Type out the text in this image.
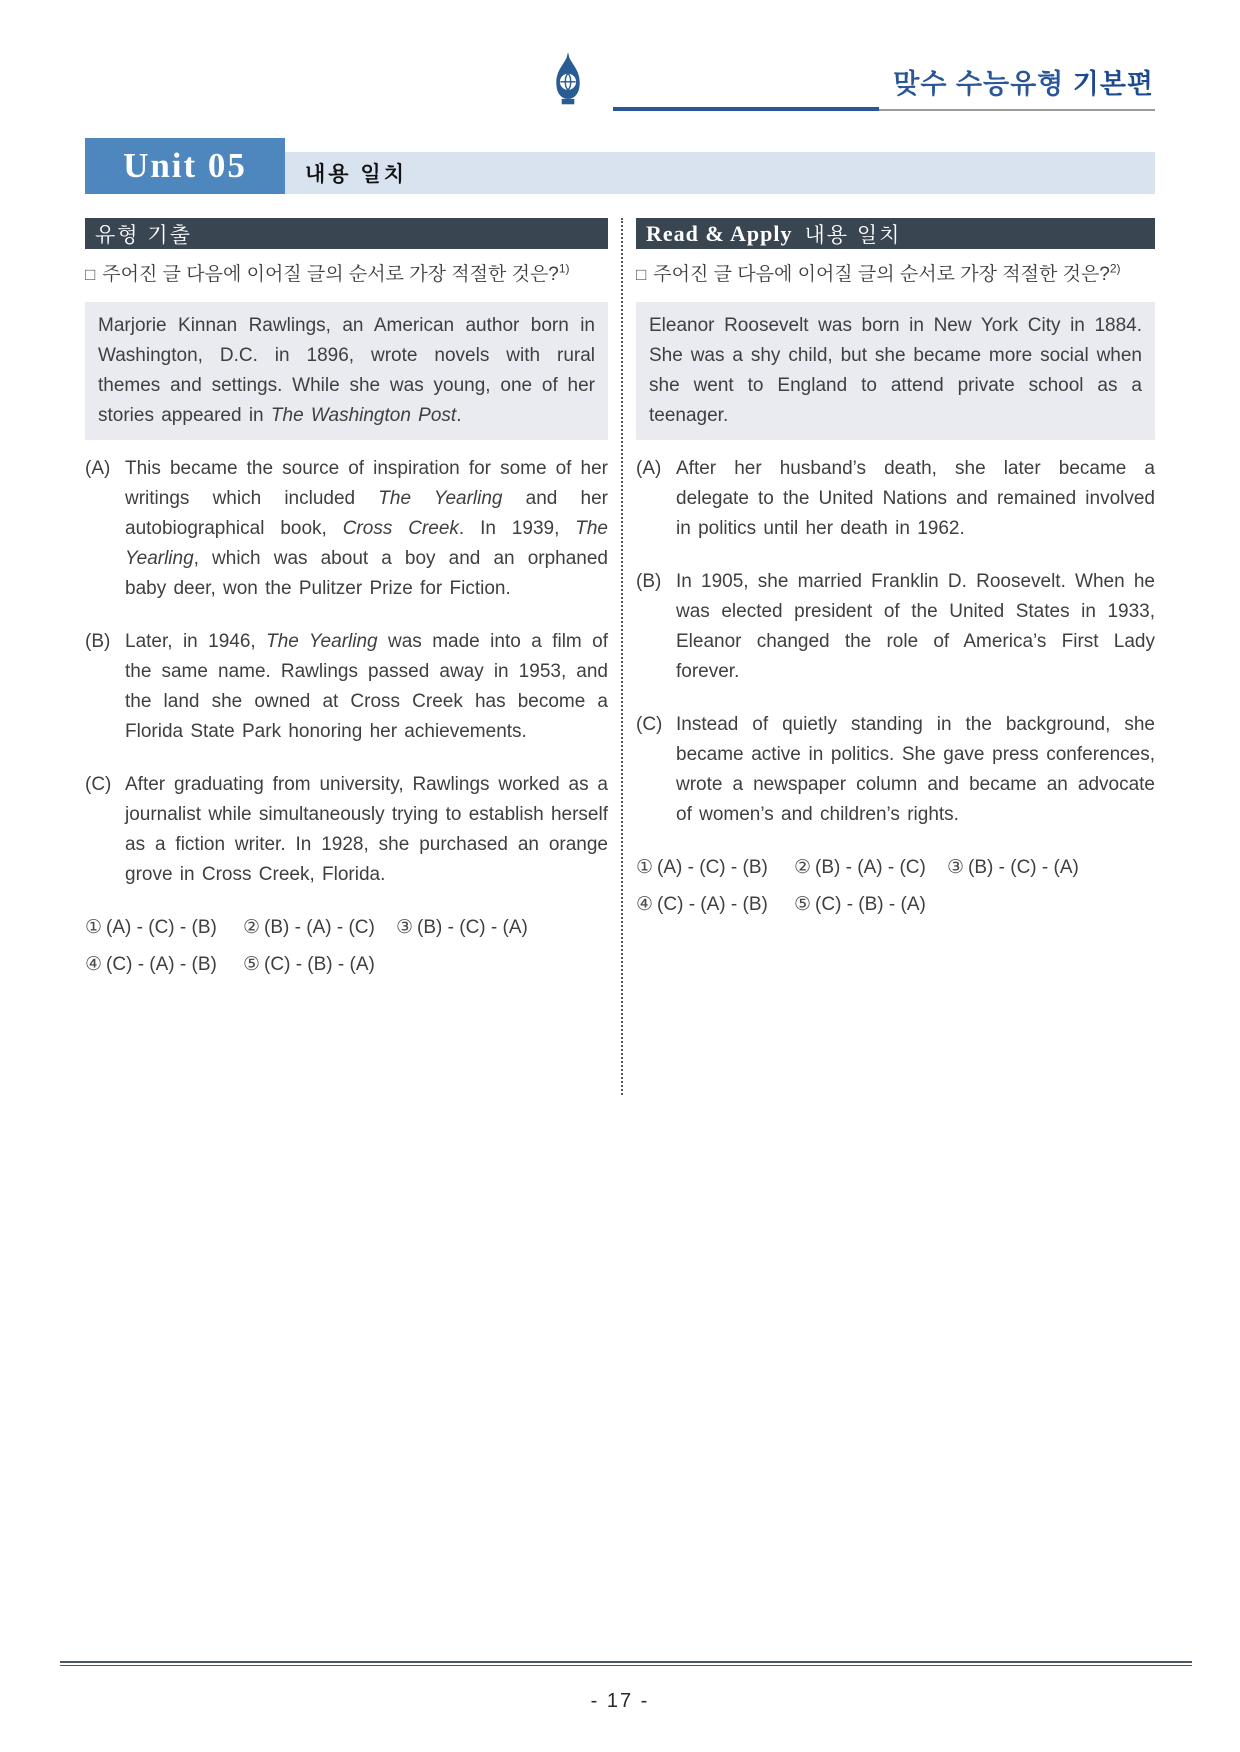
맞수 수능유형 기본편
Unit 05	내용 일치
유형 기출	Read & Apply 내용 일치
□ 주어진 글 다음에 이어질 글의 순서로 가장 적절한 것은?$^{1)}$
Marjorie Kinnan Rawlings, an American author born in Washington, D.C. in 1896, wrote novels with rural themes and settings. While she was young, one of her stories appeared in The Washington Post.
(A) This became the source of inspiration for some of her writings which included The Yearling and her autobiographical book, Cross Creek. In 1939, The Yearling, which was about a boy and an orphaned baby deer, won the Pulitzer Prize for Fiction.
(B) Later, in 1946, The Yearling was made into a film of the same name. Rawlings passed away in 1953, and the land she owned at Cross Creek has become a Florida State Park honoring her achievements.
(C) After graduating from university, Rawlings worked as a journalist while simultaneously trying to establish herself as a fiction writer. In 1928, she purchased an orange grove in Cross Creek, Florida.
① (A) - (C) - (B)	② (B) - (A) - (C)	③ (B) - (C) - (A)
④ (C) - (A) - (B)	⑤ (C) - (B) - (A)
□ 주어진 글 다음에 이어질 글의 순서로 가장 적절한 것은?$^{2)}$
Eleanor Roosevelt was born in New York City in 1884. She was a shy child, but she became more social when she went to England to attend private school as a teenager.
(A) After her husband’s death, she later became a delegate to the United Nations and remained involved in politics until her death in 1962.
(B) In 1905, she married Franklin D. Roosevelt. When he was elected president of the United States in 1933, Eleanor changed the role of America’s First Lady forever.
(C) Instead of quietly standing in the background, she became active in politics. She gave press conferences, wrote a newspaper column and became an advocate of women’s and children’s rights.
① (A) - (C) - (B)	② (B) - (A) - (C)	③ (B) - (C) - (A)
④ (C) - (A) - (B)	⑤ (C) - (B) - (A)
- 17 -
